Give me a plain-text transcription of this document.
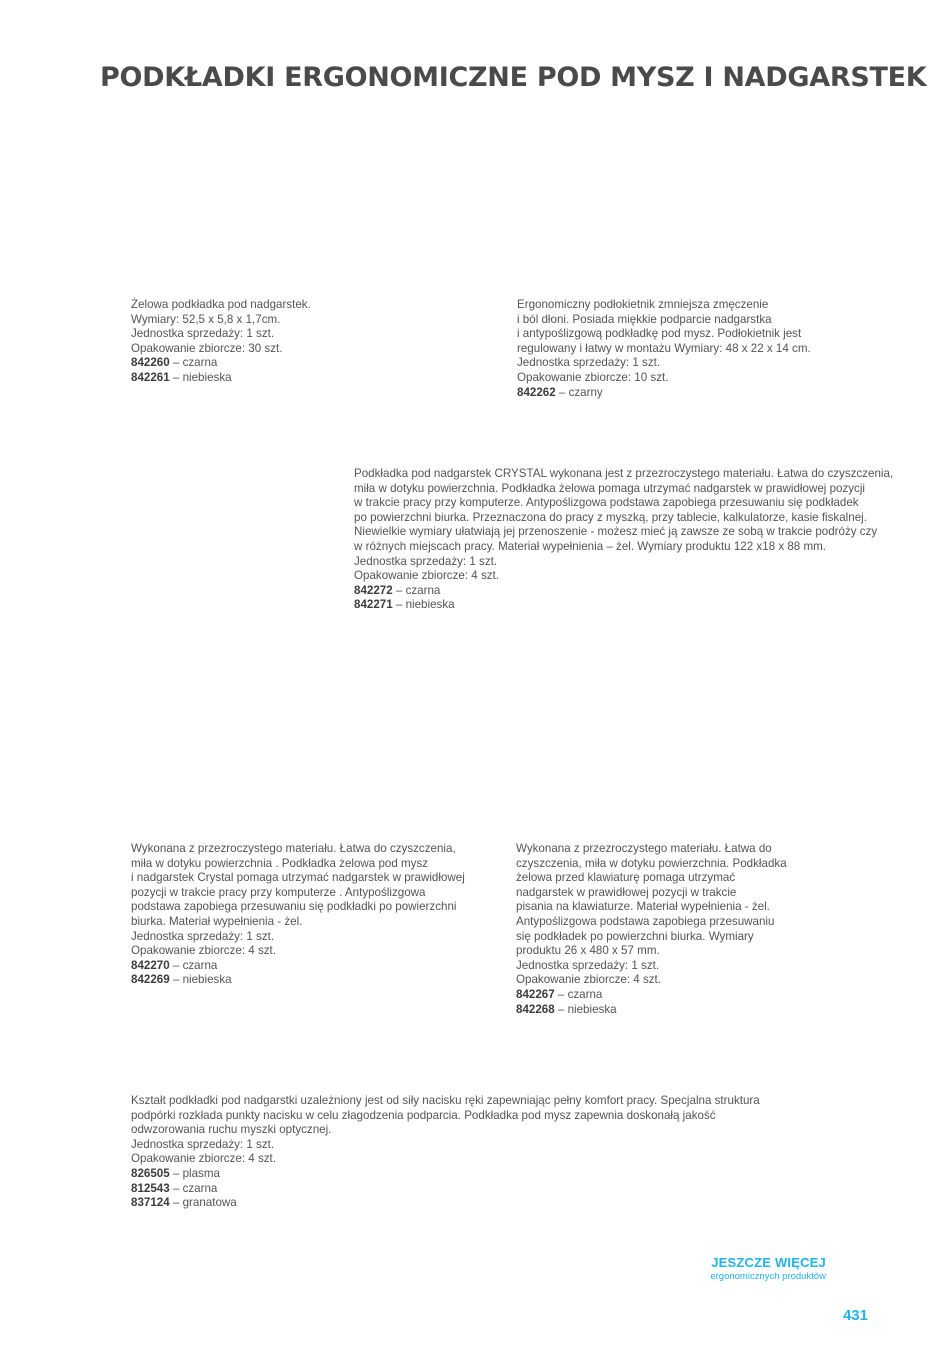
PODKŁADKI ERGONOMICZNE POD MYSZ I NADGARSTEK
Żelowa podkładka pod nadgarstek.
Wymiary: 52,5 x 5,8 x 1,7cm.
Jednostka sprzedaży: 1 szt.
Opakowanie zbiorcze: 30 szt.
842260 – czarna
842261 – niebieska
Ergonomiczny podłokietnik zmniejsza zmęczenie
i ból dłoni. Posiada miękkie podparcie nadgarstka
i antypoślizgową podkładkę pod mysz. Podłokietnik jest
regulowany i łatwy w montażu Wymiary: 48 x 22 x 14 cm.
Jednostka sprzedaży: 1 szt.
Opakowanie zbiorcze: 10 szt.
842262 – czarny
Podkładka pod nadgarstek CRYSTAL wykonana jest z przezroczystego materiału. Łatwa do czyszczenia,
miła w dotyku powierzchnia. Podkładka żelowa pomaga utrzymać nadgarstek w prawidłowej pozycji
w trakcie pracy przy komputerze. Antypoślizgowa podstawa zapobiega przesuwaniu się podkładek
po powierzchni biurka. Przeznaczona do pracy z myszką, przy tablecie, kalkulatorze, kasie fiskalnej.
Niewielkie wymiary ułatwiają jej przenoszenie - możesz mieć ją zawsze ze sobą w trakcie podróży czy
w różnych miejscach pracy. Materiał wypełnienia – żel. Wymiary produktu 122 x18 x 88 mm.
Jednostka sprzedaży: 1 szt.
Opakowanie zbiorcze: 4 szt.
842272 – czarna
842271 – niebieska
Wykonana z przezroczystego materiału. Łatwa do czyszczenia,
miła w dotyku powierzchnia . Podkładka żelowa pod mysz
i nadgarstek Crystal pomaga utrzymać nadgarstek w prawidłowej
pozycji w trakcie pracy przy komputerze . Antypoślizgowa
podstawa zapobiega przesuwaniu się podkładki po powierzchni
biurka. Materiał wypełnienia - żel.
Jednostka sprzedaży: 1 szt.
Opakowanie zbiorcze: 4 szt.
842270 – czarna
842269 – niebieska
Wykonana z przezroczystego materiału. Łatwa do
czyszczenia, miła w dotyku powierzchnia. Podkładka
żelowa przed klawiaturę pomaga utrzymać
nadgarstek w prawidłowej pozycji w trakcie
pisania na klawiaturze. Materiał wypełnienia - żel.
Antypoślizgowa podstawa zapobiega przesuwaniu
się podkładek po powierzchni biurka. Wymiary
produktu 26 x 480 x 57 mm.
Jednostka sprzedaży: 1 szt.
Opakowanie zbiorcze: 4 szt.
842267 – czarna
842268 – niebieska
Kształt podkładki pod nadgarstki uzależniony jest od siły nacisku ręki zapewniając pełny komfort pracy. Specjalna struktura
podpórki rozkłada punkty nacisku w celu złagodzenia podparcia. Podkładka pod mysz zapewnia doskonałą jakość
odwzorowania ruchu myszki optycznej.
Jednostka sprzedaży: 1 szt.
Opakowanie zbiorcze: 4 szt.
826505 – plasma
812543 – czarna
837124 – granatowa
JESZCZE WIĘCEJ
ergonomicznych produktów
431
